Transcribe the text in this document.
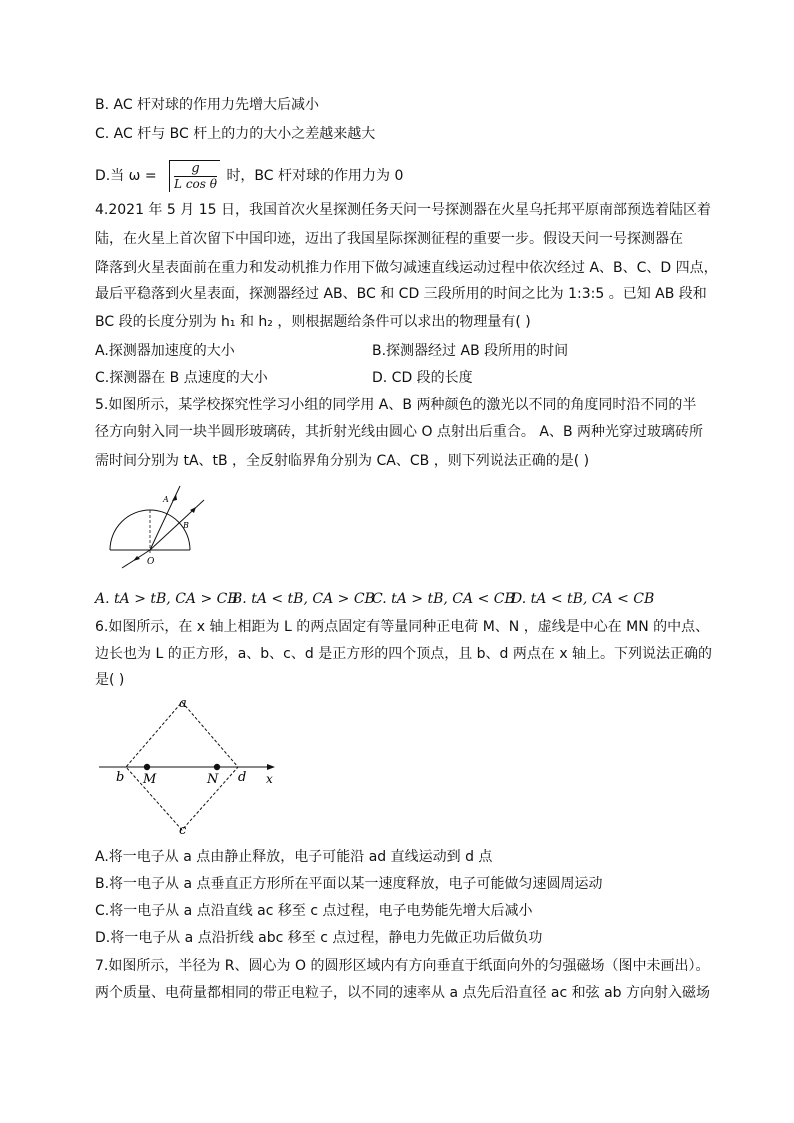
B. AC 杆对球的作用力先增大后减小
C. AC 杆与 BC 杆上的力的大小之差越来越大
D.当 $\omega = \frac{g}{\text{L cos θ}}$ 时，BC 杆对球的作用力为 0
4.2021 年 5 月 15 日，我国首次火星探测任务天问一号探测器在火星乌托邦平原南部预选着陆区着
陆，在火星上首次留下中国印迹，迈出了我国星际探测征程的重要一步。假设天问一号探测器在
降落到火星表面前在重力和发动机推力作用下做匀减速直线运动过程中依次经过 A、B、C、D 四点，
最后平稳落到火星表面，探测器经过 AB、BC 和 CD 三段所用的时间之比为 1:3:5 。已知 AB 段和
BC 段的长度分别为 h₁ 和 h₂ ，则根据题给条件可以求出的物理量有( )
A.探测器加速度的大小	B.探测器经过 AB 段所用的时间
C.探测器在 B 点速度的大小	D. CD 段的长度
5.如图所示，某学校探究性学习小组的同学用 A、B 两种颜色的激光以不同的角度同时沿不同的半
径方向射入同一块半圆形玻璃砖，其折射光线由圆心 O 点射出后重合。 A、B 两种光穿过玻璃砖所
需时间分别为 tA、tB ，全反射临界角分别为 CA、CB ，则下列说法正确的是( )
A
B
O
A. tA > tB, CA > CB
B. tA < tB, CA > CB
C. tA > tB, CA < CB
D. tA < tB, CA < CB
6.如图所示，在 x 轴上相距为 L 的两点固定有等量同种正电荷 M、N ，虚线是中心在 MN 的中点、
边长也为 L 的正方形，a、b、c、d 是正方形的四个顶点，且 b、d 两点在 x 轴上。下列说法正确的
是( )
a
b
c
d
M	N	x
A.将一电子从 a 点由静止释放，电子可能沿 ad 直线运动到 d 点
B.将一电子从 a 点垂直正方形所在平面以某一速度释放，电子可能做匀速圆周运动
C.将一电子从 a 点沿直线 ac 移至 c 点过程，电子电势能先增大后减小
D.将一电子从 a 点沿折线 abc 移至 c 点过程，静电力先做正功后做负功
7.如图所示，半径为 R、圆心为 O 的圆形区域内有方向垂直于纸面向外的匀强磁场（图中未画出）。
两个质量、电荷量都相同的带正电粒子，以不同的速率从 a 点先后沿直径 ac 和弦 ab 方向射入磁场
